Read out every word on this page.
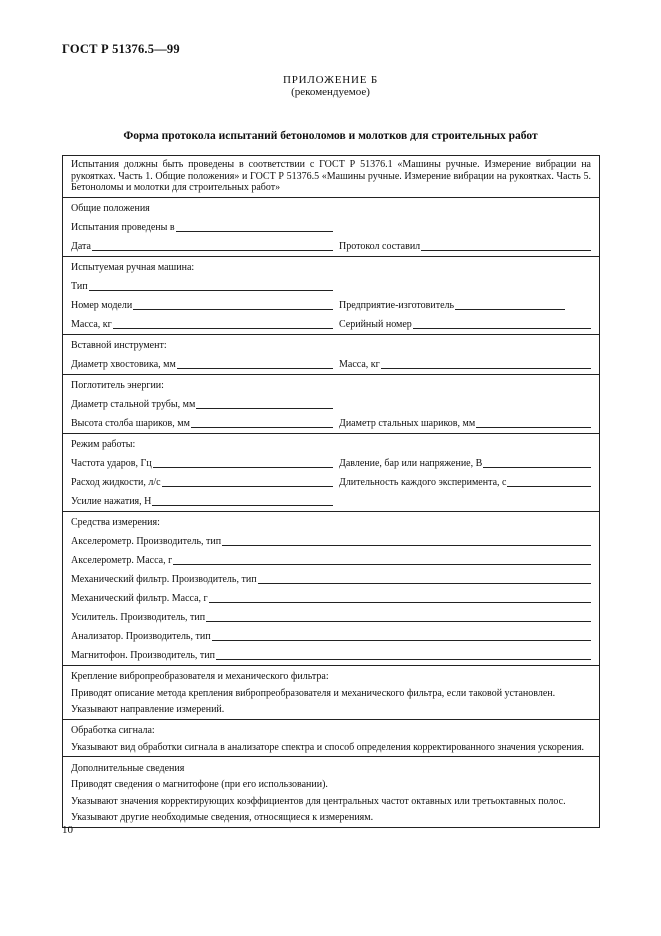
ГОСТ Р 51376.5—99
ПРИЛОЖЕНИЕ Б
(рекомендуемое)
Форма протокола испытаний бетоноломов и молотков для строительных работ
Испытания должны быть проведены в соответствии с ГОСТ Р 51376.1 «Машины ручные. Измерение вибрации на рукоятках. Часть 1. Общие положения» и ГОСТ Р 51376.5 «Машины ручные. Измерение вибрации на рукоятках. Часть 5. Бетоноломы и молотки для строительных работ»

Общие положения
Испытания проведены в
Дата	Протокол составил

Испытуемая ручная машина:
Тип
Номер модели	Предприятие-изготовитель
Масса, кг	Серийный номер

Вставной инструмент:
Диаметр хвостовика, мм	Масса, кг

Поглотитель энергии:
Диаметр стальной трубы, мм
Высота столба шариков, мм	Диаметр стальных шариков, мм

Режим работы:
Частота ударов, Гц	Давление, бар или напряжение, В
Расход жидкости, л/с	Длительность каждого эксперимента, с
Усилие нажатия, Н

Средства измерения:
Акселерометр. Производитель, тип
Акселерометр. Масса, г
Механический фильтр. Производитель, тип
Механический фильтр. Масса, г
Усилитель. Производитель, тип
Анализатор. Производитель, тип
Магнитофон. Производитель, тип

Крепление вибропреобразователя и механического фильтра:
Приводят описание метода крепления вибропреобразователя и механического фильтра, если таковой установлен.
Указывают направление измерений.

Обработка сигнала:
Указывают вид обработки сигнала в анализаторе спектра и способ определения корректированного значения ускорения.

Дополнительные сведения
Приводят сведения о магнитофоне (при его использовании).
Указывают значения корректирующих коэффициентов для центральных частот октавных или третьоктавных полос.
Указывают другие необходимые сведения, относящиеся к измерениям.
10
